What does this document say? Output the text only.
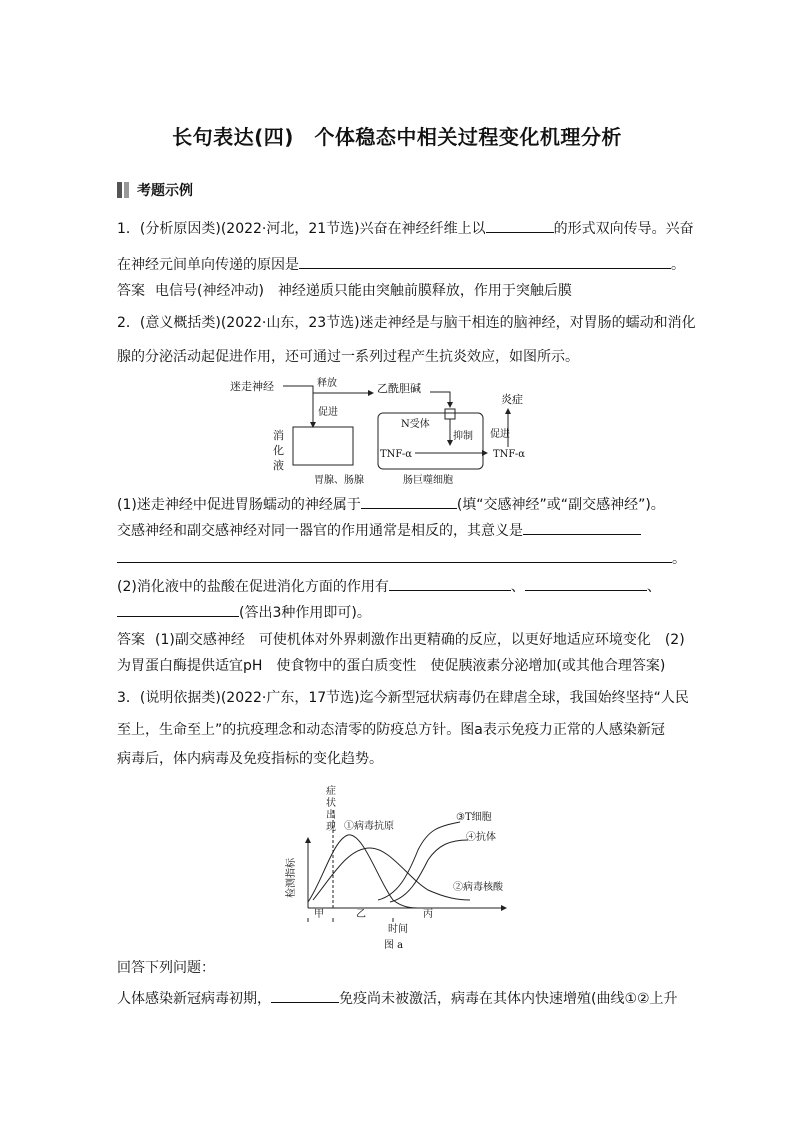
长句表达(四)　个体稳态中相关过程变化机理分析
考题示例
1．(分析原因类)(2022·河北，21节选)兴奋在神经纤维上以	的形式双向传导。兴奋
在神经元间单向传递的原因是	。
答案 电信号(神经冲动)　神经递质只能由突触前膜释放，作用于突触后膜
2．(意义概括类)(2022·山东，23节选)迷走神经是与脑干相连的脑神经，对胃肠的蠕动和消化
腺的分泌活动起促进作用，还可通过一系列过程产生抗炎效应，如图所示。
迷走神经	释放	乙酰胆碱
促进
消
化
液
胃腺、肠腺
N受体
抑制
炎症
促进
TNF-α	TNF-α
肠巨噬细胞
(1)迷走神经中促进胃肠蠕动的神经属于	(填“交感神经”或“副交感神经”)。
交感神经和副交感神经对同一器官的作用通常是相反的，其意义是
。
(2)消化液中的盐酸在促进消化方面的作用有	、	、
(答出3种作用即可)。
答案 (1)副交感神经　可使机体对外界刺激作出更精确的反应，以更好地适应环境变化　(2)
为胃蛋白酶提供适宜pH　使食物中的蛋白质变性　使促胰液素分泌增加(或其他合理答案)
3．(说明依据类)(2022·广东，17节选)迄今新型冠状病毒仍在肆虐全球，我国始终坚持“人民
至上，生命至上”的抗疫理念和动态清零的防疫总方针。图a表示免疫力正常的人感染新冠
病毒后，体内病毒及免疫指标的变化趋势。
症
状
出
现 ①病毒抗原
③T细胞
④抗体
②病毒核酸
甲	乙	丙
时间
图 a
检测指标
回答下列问题：
人体感染新冠病毒初期，	免疫尚未被激活，病毒在其体内快速增殖(曲线①②上升
